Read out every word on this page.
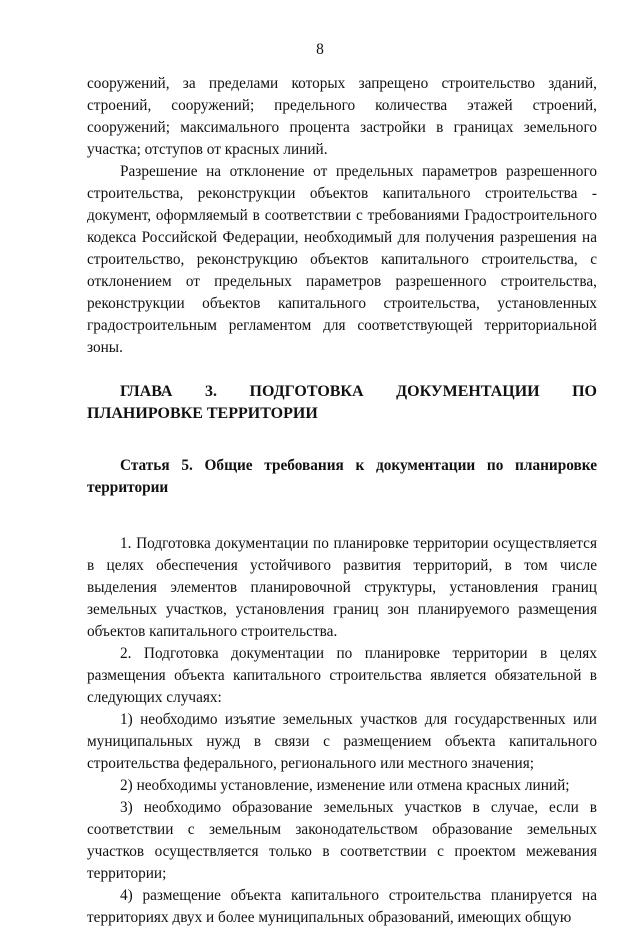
8

сооружений, за пределами которых запрещено строительство зданий, строений, сооружений; предельного количества этажей строений, сооружений; максимального процента застройки в границах земельного участка; отступов от красных линий.

Разрешение на отклонение от предельных параметров разрешенного строительства, реконструкции объектов капитального строительства - документ, оформляемый в соответствии с требованиями Градостроительного кодекса Российской Федерации, необходимый для получения разрешения на строительство, реконструкцию объектов капитального строительства, с отклонением от предельных параметров разрешенного строительства, реконструкции объектов капитального строительства, установленных градостроительным регламентом для соответствующей территориальной зоны.

ГЛАВА 3. ПОДГОТОВКА ДОКУМЕНТАЦИИ ПО ПЛАНИРОВКЕ ТЕРРИТОРИИ
Статья 5. Общие требования к документации по планировке территории

1. Подготовка документации по планировке территории осуществляется в целях обеспечения устойчивого развития территорий, в том числе выделения элементов планировочной структуры, установления границ земельных участков, установления границ зон планируемого размещения объектов капитального строительства.

2. Подготовка документации по планировке территории в целях размещения объекта капитального строительства является обязательной в следующих случаях:

1) необходимо изъятие земельных участков для государственных или муниципальных нужд в связи с размещением объекта капитального строительства федерального, регионального или местного значения;

2) необходимы установление, изменение или отмена красных линий;

3) необходимо образование земельных участков в случае, если в соответствии с земельным законодательством образование земельных участков осуществляется только в соответствии с проектом межевания территории;

4) размещение объекта капитального строительства планируется на территориях двух и более муниципальных образований, имеющих общую
